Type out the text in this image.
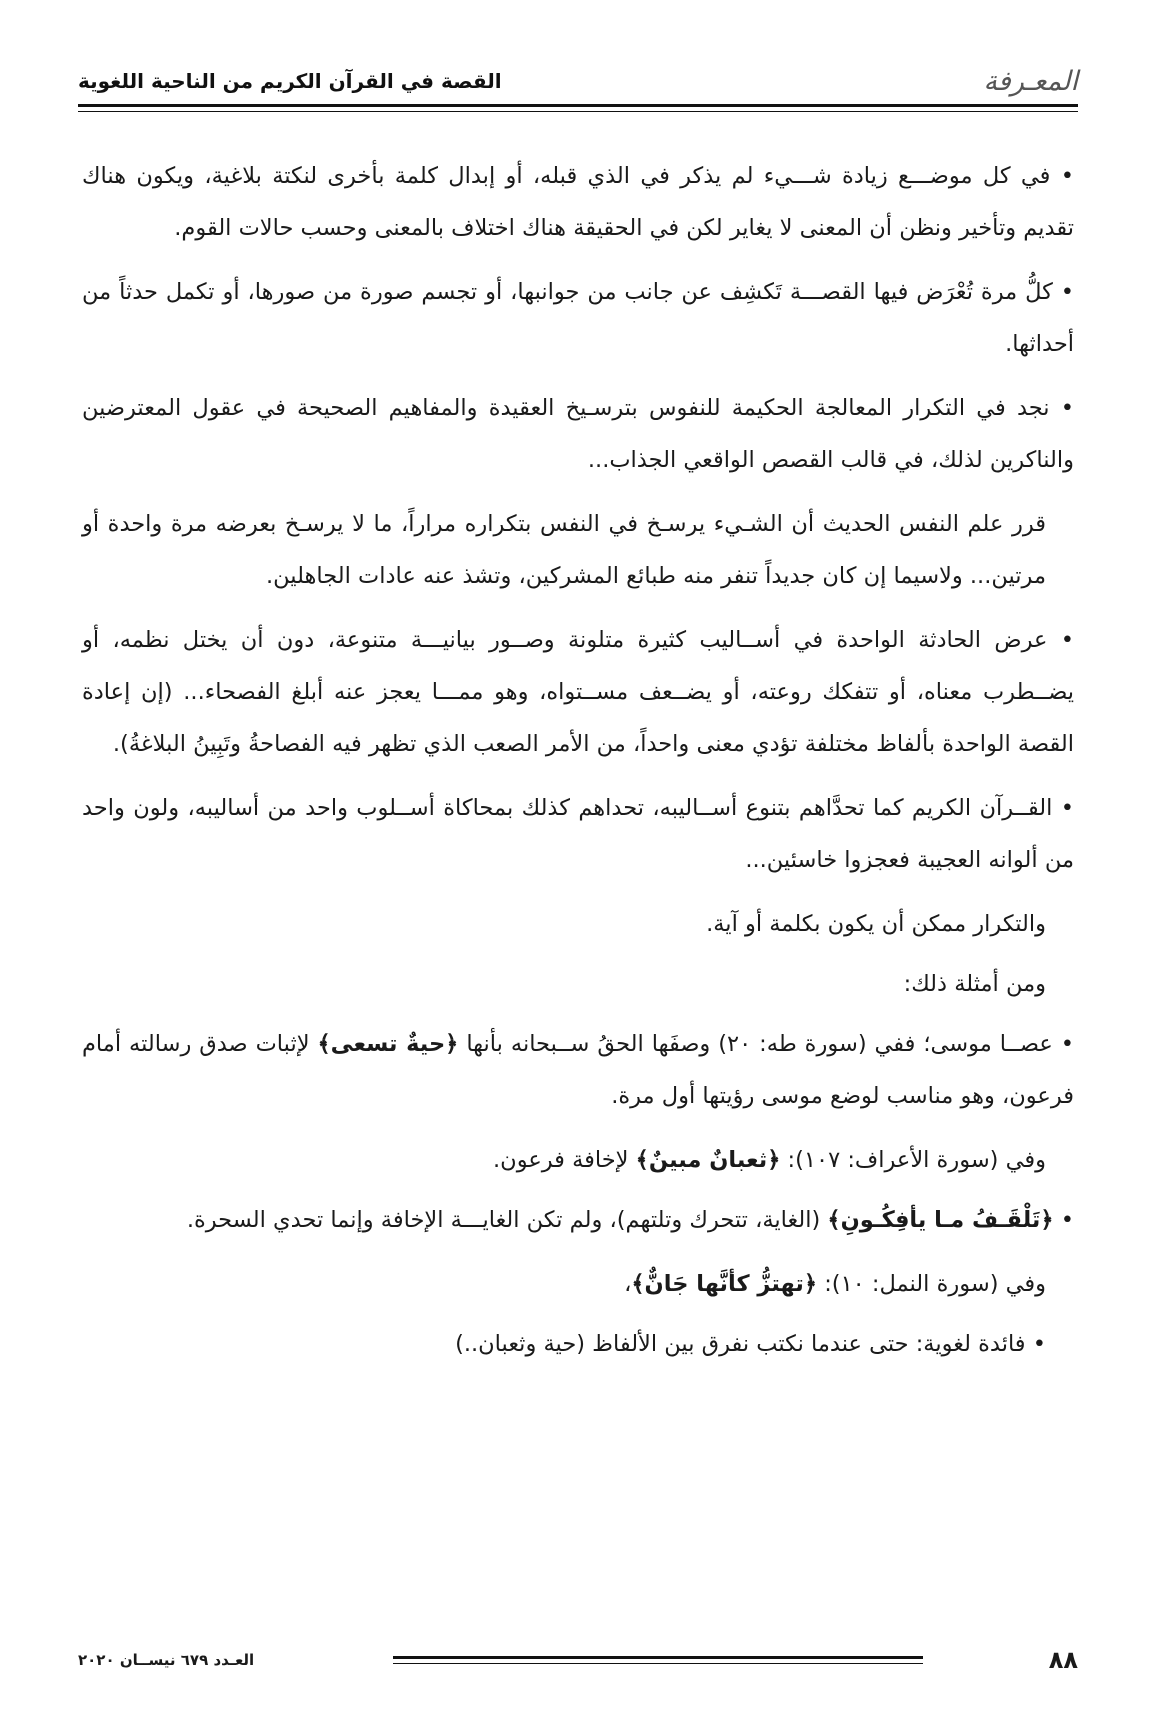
المعـرفة
القصة في القرآن الكريم من الناحية اللغوية

• في كل موضـــع زيادة شـــيء لم يذكر في الذي قبله، أو إبدال كلمة بأخرى لنكتة بلاغية، ويكون هناك تقديم وتأخير ونظن أن المعنى لا يغاير لكن في الحقيقة هناك اختلاف بالمعنى وحسب حالات القوم.

• كلُّ مرة تُعْرَض فيها القصـــة تَكشِف عن جانب من جوانبها، أو تجسم صورة من صورها، أو تكمل حدثاً من أحداثها.

• نجد في التكرار المعالجة الحكيمة للنفوس بترسـيخ العقيدة والمفاهيم الصحيحة في عقول المعترضين والناكرين لذلك، في قالب القصص الواقعي الجذاب...

قرر علم النفس الحديث أن الشـيء يرسـخ في النفس بتكراره مراراً، ما لا يرسـخ بعرضه مرة واحدة أو مرتين... ولاسيما إن كان جديداً تنفر منه طبائع المشركين، وتشذ عنه عادات الجاهلين.

• عرض الحادثة الواحدة في أســاليب كثيرة متلونة وصــور بيانيـــة متنوعة، دون أن يختل نظمه، أو يضــطرب معناه، أو تتفكك روعته، أو يضــعف مســتواه، وهو ممـــا يعجز عنه أبلغ الفصحاء... (إن إعادة القصة الواحدة بألفاظ مختلفة تؤدي معنى واحداً، من الأمر الصعب الذي تظهر فيه الفصاحةُ وتَبِينُ البلاغةُ).

• القــرآن الكريم كما تحدَّاهم بتنوع أســاليبه، تحداهم كذلك بمحاكاة أســلوب واحد من أساليبه، ولون واحد من ألوانه العجيبة فعجزوا خاسئين...

والتكرار ممكن أن يكون بكلمة أو آية.

ومن أمثلة ذلك:

• عصــا موسى؛ ففي (سورة طه: ٢٠) وصفَها الحقُ ســبحانه بأنها ﴿حيةٌ تسعى﴾ لإثبات صدق رسالته أمام فرعون، وهو مناسب لوضع موسى رؤيتها أول مرة.

وفي (سورة الأعراف: ١٠٧): ﴿ثعبانٌ مبينٌ﴾ لإخافة فرعون.

• ﴿تَلْقَـفُ مـا يأفِكُـونِ﴾ (الغاية، تتحرك وتلتهم)، ولم تكن الغايـــة الإخافة وإنما تحدي السحرة.

وفي (سورة النمل: ١٠): ﴿تهتزُّ كأنَّها جَانٌّ﴾،

• فائدة لغوية: حتى عندما نكتب نفرق بين الألفاظ (حية وثعبان..)

٨٨
العـدد ٦٧٩ نيســان ٢٠٢٠
